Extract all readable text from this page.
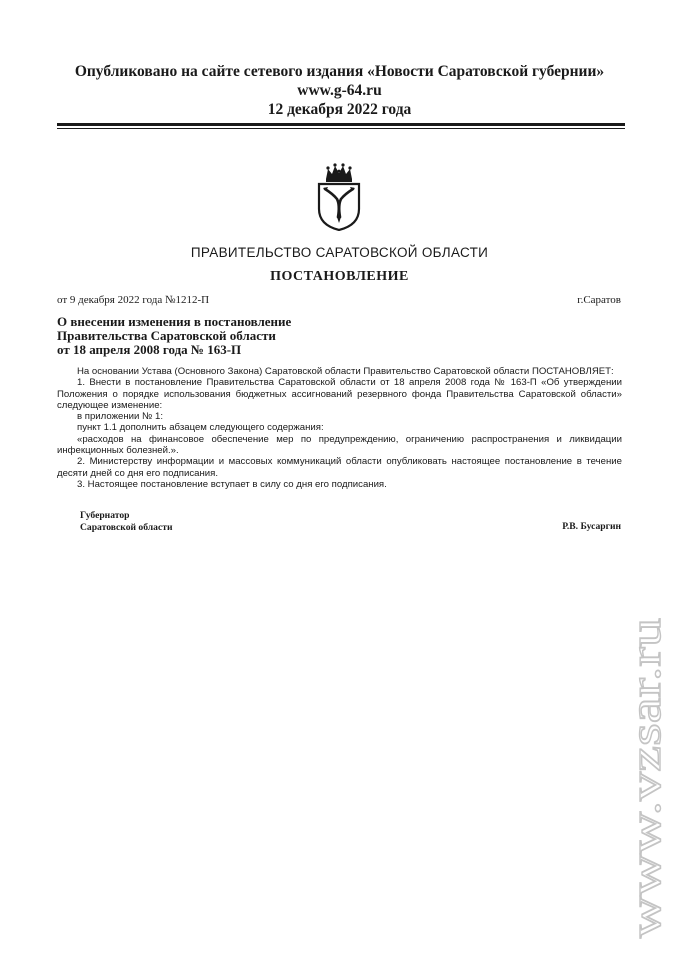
Опубликовано на сайте сетевого издания «Новости Саратовской губернии»
www.g-64.ru
12 декабря 2022 года
ПРАВИТЕЛЬСТВО САРАТОВСКОЙ ОБЛАСТИ
ПОСТАНОВЛЕНИЕ
от 9 декабря 2022 года №1212-П	г.Саратов
О внесении изменения в постановление
Правительства Саратовской области
от 18 апреля 2008 года № 163-П

На основании Устава (Основного Закона) Саратовской области Правительство Саратовской области ПОСТАНОВЛЯЕТ:

1. Внести в постановление Правительства Саратовской области от 18 апреля 2008 года № 163-П «Об утверждении Положения о порядке использования бюджетных ассигнований резервного фонда Правительства Саратовской области» следующее изменение:

в приложении № 1:

пункт 1.1 дополнить абзацем следующего содержания:

«расходов на финансовое обеспечение мер по предупреждению, ограничению распространения и ликвидации инфекционных болезней.».

2. Министерству информации и массовых коммуникаций области опубликовать настоящее постановление в течение десяти дней со дня его подписания.

3. Настоящее постановление вступает в силу со дня его подписания.

Губернатор
Саратовской области	Р.В. Бусаргин
www.vzsar.ru
